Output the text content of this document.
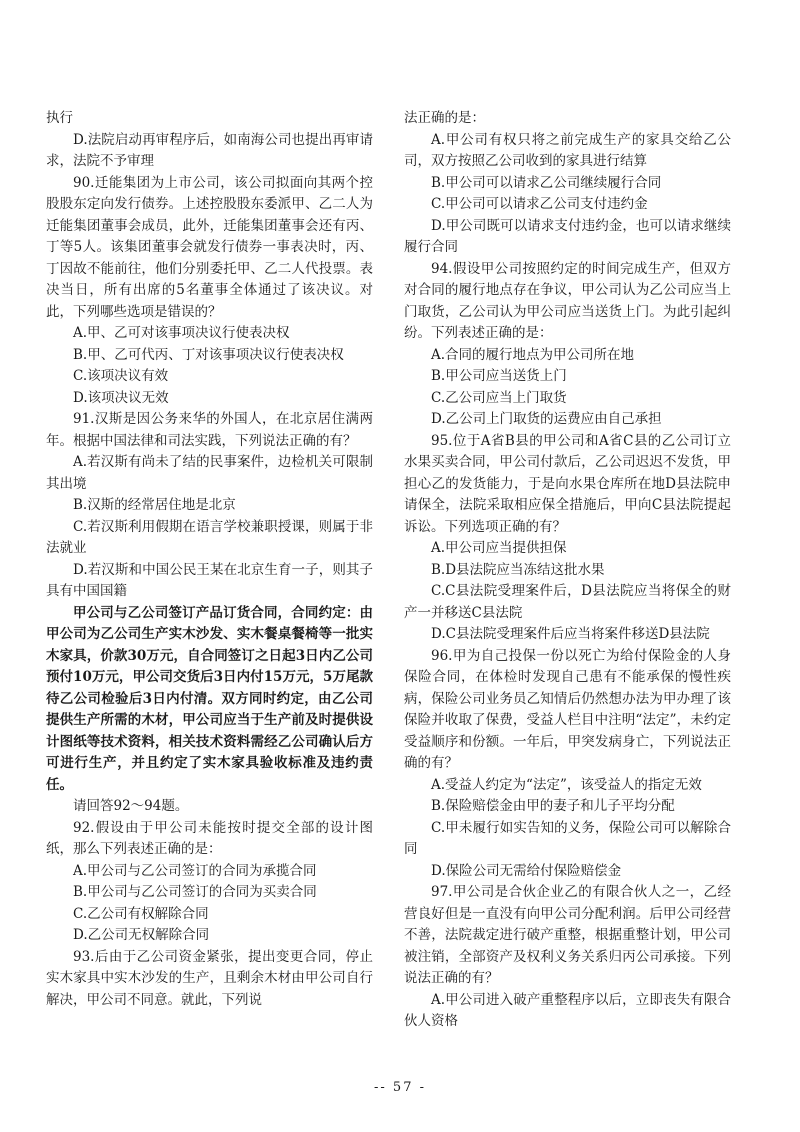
执行

D.法院启动再审程序后，如南海公司也提出再审请求，法院不予审理

90.迁能集团为上市公司，该公司拟面向其两个控股股东定向发行债券。上述控股股东委派甲、乙二人为迁能集团董事会成员，此外，迁能集团董事会还有丙、丁等5人。该集团董事会就发行债券一事表决时，丙、丁因故不能前往，他们分别委托甲、乙二人代投票。表决当日，所有出席的5名董事全体通过了该决议。对此，下列哪些选项是错误的？

A.甲、乙可对该事项决议行使表决权

B.甲、乙可代丙、丁对该事项决议行使表决权

C.该项决议有效

D.该项决议无效

91.汉斯是因公务来华的外国人，在北京居住满两年。根据中国法律和司法实践，下列说法正确的有？

A.若汉斯有尚未了结的民事案件，边检机关可限制其出境

B.汉斯的经常居住地是北京

C.若汉斯利用假期在语言学校兼职授课，则属于非法就业

D.若汉斯和中国公民王某在北京生育一子，则其子具有中国国籍

甲公司与乙公司签订产品订货合同，合同约定：由甲公司为乙公司生产实木沙发、实木餐桌餐椅等一批实木家具，价款30万元，自合同签订之日起3日内乙公司预付10万元，甲公司交货后3日内付15万元，5万尾款待乙公司检验后3日内付清。双方同时约定，由乙公司提供生产所需的木材，甲公司应当于生产前及时提供设计图纸等技术资料，相关技术资料需经乙公司确认后方可进行生产，并且约定了实木家具验收标准及违约责任。

请回答92～94题。

92.假设由于甲公司未能按时提交全部的设计图纸，那么下列表述正确的是：

A.甲公司与乙公司签订的合同为承揽合同

B.甲公司与乙公司签订的合同为买卖合同

C.乙公司有权解除合同

D.乙公司无权解除合同

93.后由于乙公司资金紧张，提出变更合同，停止实木家具中实木沙发的生产，且剩余木材由甲公司自行解决，甲公司不同意。就此，下列说

法正确的是：

A.甲公司有权只将之前完成生产的家具交给乙公司，双方按照乙公司收到的家具进行结算

B.甲公司可以请求乙公司继续履行合同

C.甲公司可以请求乙公司支付违约金

D.甲公司既可以请求支付违约金，也可以请求继续履行合同

94.假设甲公司按照约定的时间完成生产，但双方对合同的履行地点存在争议，甲公司认为乙公司应当上门取货，乙公司认为甲公司应当送货上门。为此引起纠纷。下列表述正确的是：

A.合同的履行地点为甲公司所在地

B.甲公司应当送货上门

C.乙公司应当上门取货

D.乙公司上门取货的运费应由自己承担

95.位于A省B县的甲公司和A省C县的乙公司订立水果买卖合同，甲公司付款后，乙公司迟迟不发货，甲担心乙的发货能力，于是向水果仓库所在地D县法院申请保全，法院采取相应保全措施后，甲向C县法院提起诉讼。下列选项正确的有？

A.甲公司应当提供担保

B.D县法院应当冻结这批水果

C.C县法院受理案件后，D县法院应当将保全的财产一并移送C县法院

D.C县法院受理案件后应当将案件移送D县法院

96.甲为自己投保一份以死亡为给付保险金的人身保险合同，在体检时发现自己患有不能承保的慢性疾病，保险公司业务员乙知情后仍然想办法为甲办理了该保险并收取了保费，受益人栏目中注明“法定”，未约定受益顺序和份额。一年后，甲突发病身亡，下列说法正确的有？

A.受益人约定为“法定”，该受益人的指定无效

B.保险赔偿金由甲的妻子和儿子平均分配

C.甲未履行如实告知的义务，保险公司可以解除合同

D.保险公司无需给付保险赔偿金

97.甲公司是合伙企业乙的有限合伙人之一，乙经营良好但是一直没有向甲公司分配利润。后甲公司经营不善，法院裁定进行破产重整，根据重整计划，甲公司被注销，全部资产及权利义务关系归丙公司承接。下列说法正确的有？

A.甲公司进入破产重整程序以后，立即丧失有限合伙人资格

-- 57 -
